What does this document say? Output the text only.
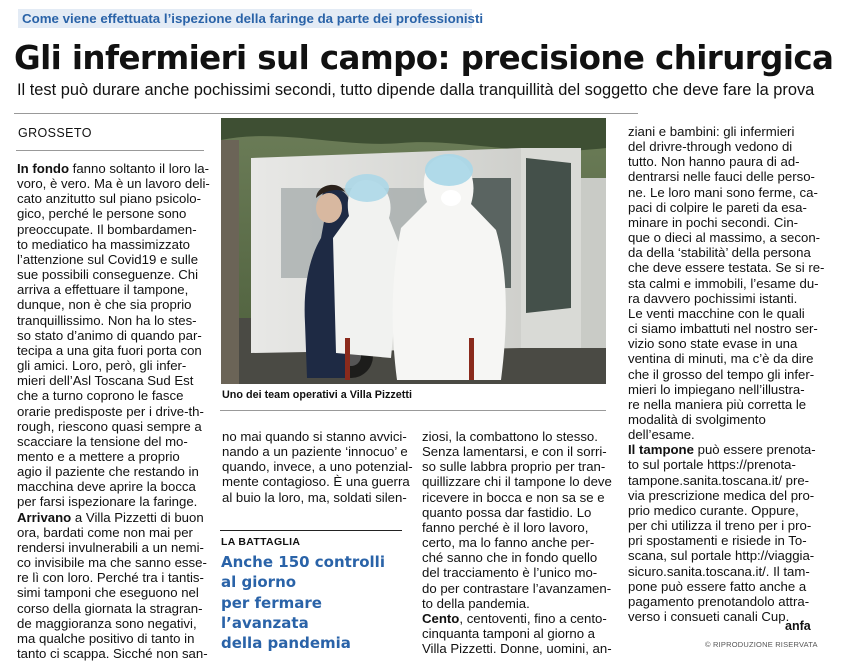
Come viene effettuata l’ispezione della faringe da parte dei professionisti
Gli infermieri sul campo: precisione chirurgica

Il test può durare anche pochissimi secondi, tutto dipende dalla tranquillità del soggetto che deve fare la prova

GROSSETO

In fondo fanno soltanto il loro la-

voro, è vero. Ma è un lavoro deli-

cato anzitutto sul piano psicolo-

gico, perché le persone sono

preoccupate. Il bombardamen-

to mediatico ha massimizzato

l’attenzione sul Covid19 e sulle

sue possibili conseguenze. Chi

arriva a effettuare il tampone,

dunque, non è che sia proprio

tranquillissimo. Non ha lo stes-

so stato d’animo di quando par-

tecipa a una gita fuori porta con

gli amici. Loro, però, gli infer-

mieri dell’Asl Toscana Sud Est

che a turno coprono le fasce

orarie predisposte per i drive-th-

rough, riescono quasi sempre a

scacciare la tensione del mo-

mento e a mettere a proprio

agio il paziente che restando in

macchina deve aprire la bocca

per farsi ispezionare la faringe.

Arrivano a Villa Pizzetti di buon

ora, bardati come non mai per

rendersi invulnerabili a un nemi-

co invisibile ma che sanno esse-

re lì con loro. Perché tra i tantis-

simi tamponi che eseguono nel

corso della giornata la stragran-

de maggioranza sono negativi,

ma qualche positivo di tanto in

tanto ci scappa. Sicché non san-

Uno dei team operativi a Villa Pizzetti

no mai quando si stanno avvici-

nando a un paziente ‘innocuo’ e

quando, invece, a uno potenzial-

mente contagioso. È una guerra

al buio la loro, ma, soldati silen-

LA BATTAGLIA
Anche 150 controlli
al giorno
per fermare
l’avanzata
della pandemia

ziosi, la combattono lo stesso.

Senza lamentarsi, e con il sorri-

so sulle labbra proprio per tran-

quillizzare chi il tampone lo deve

ricevere in bocca e non sa se e

quanto possa dar fastidio. Lo

fanno perché è il loro lavoro,

certo, ma lo fanno anche per-

ché sanno che in fondo quello

del tracciamento è l’unico mo-

do per contrastare l’avanzamen-

to della pandemia.

Cento, centoventi, fino a cento-

cinquanta tamponi al giorno a

Villa Pizzetti. Donne, uomini, an-

ziani e bambini: gli infermieri

del drivre-through vedono di

tutto. Non hanno paura di ad-

dentrarsi nelle fauci delle perso-

ne. Le loro mani sono ferme, ca-

paci di colpire le pareti da esa-

minare in pochi secondi. Cin-

que o dieci al massimo, a secon-

da della ‘stabilità’ della persona

che deve essere testata. Se si re-

sta calmi e immobili, l’esame du-

ra davvero pochissimi istanti.

Le venti macchine con le quali

ci siamo imbattuti nel nostro ser-

vizio sono state evase in una

ventina di minuti, ma c’è da dire

che il grosso del tempo gli infer-

mieri lo impiegano nell’illustra-

re nella maniera più corretta le

modalità di svolgimento

dell’esame.

Il tampone può essere prenota-

to sul portale https://prenota-

tampone.sanita.toscana.it/ pre-

via prescrizione medica del pro-

prio medico curante. Oppure,

per chi utilizza il treno per i pro-

pri spostamenti e risiede in To-

scana, sul portale http://viaggia-

sicuro.sanita.toscana.it/. Il tam-

pone può essere fatto anche a

pagamento prenotandolo attra-

verso i consueti canali Cup.

anfa
© RIPRODUZIONE RISERVATA
